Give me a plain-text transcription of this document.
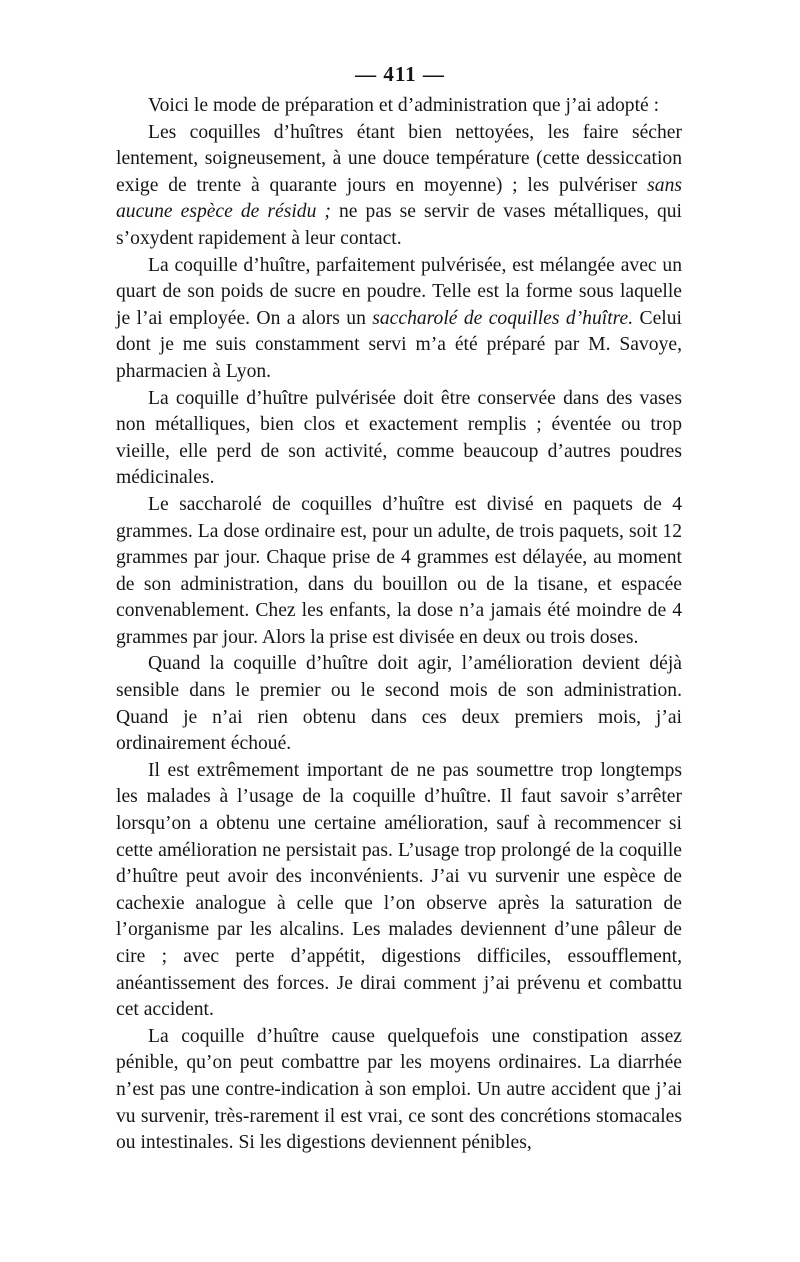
— 411 —

Voici le mode de préparation et d’administration que j’ai adopté :

Les coquilles d’huîtres étant bien nettoyées, les faire sécher lentement, soigneusement, à une douce température (cette dessiccation exige de trente à quarante jours en moyenne) ; les pulvériser sans aucune espèce de résidu ; ne pas se servir de vases métalliques, qui s’oxydent rapidement à leur contact.

La coquille d’huître, parfaitement pulvérisée, est mélangée avec un quart de son poids de sucre en poudre. Telle est la forme sous laquelle je l’ai employée. On a alors un saccharolé de coquilles d’huître. Celui dont je me suis constamment servi m’a été préparé par M. Savoye, pharmacien à Lyon.

La coquille d’huître pulvérisée doit être conservée dans des vases non métalliques, bien clos et exactement remplis ; éventée ou trop vieille, elle perd de son activité, comme beaucoup d’autres poudres médicinales.

Le saccharolé de coquilles d’huître est divisé en paquets de 4 grammes. La dose ordinaire est, pour un adulte, de trois paquets, soit 12 grammes par jour. Chaque prise de 4 grammes est délayée, au moment de son administration, dans du bouillon ou de la tisane, et espacée convenablement. Chez les enfants, la dose n’a jamais été moindre de 4 grammes par jour. Alors la prise est divisée en deux ou trois doses.

Quand la coquille d’huître doit agir, l’amélioration devient déjà sensible dans le premier ou le second mois de son administration. Quand je n’ai rien obtenu dans ces deux premiers mois, j’ai ordinairement échoué.

Il est extrêmement important de ne pas soumettre trop longtemps les malades à l’usage de la coquille d’huître. Il faut savoir s’arrêter lorsqu’on a obtenu une certaine amélioration, sauf à recommencer si cette amélioration ne persistait pas. L’usage trop prolongé de la coquille d’huître peut avoir des inconvénients. J’ai vu survenir une espèce de cachexie analogue à celle que l’on observe après la saturation de l’organisme par les alcalins. Les malades deviennent d’une pâleur de cire ; avec perte d’appétit, digestions difficiles, essoufflement, anéantissement des forces. Je dirai comment j’ai prévenu et combattu cet accident.

La coquille d’huître cause quelquefois une constipation assez pénible, qu’on peut combattre par les moyens ordinaires. La diarrhée n’est pas une contre-indication à son emploi. Un autre accident que j’ai vu survenir, très-rarement il est vrai, ce sont des concrétions stomacales ou intestinales. Si les digestions deviennent pénibles,
